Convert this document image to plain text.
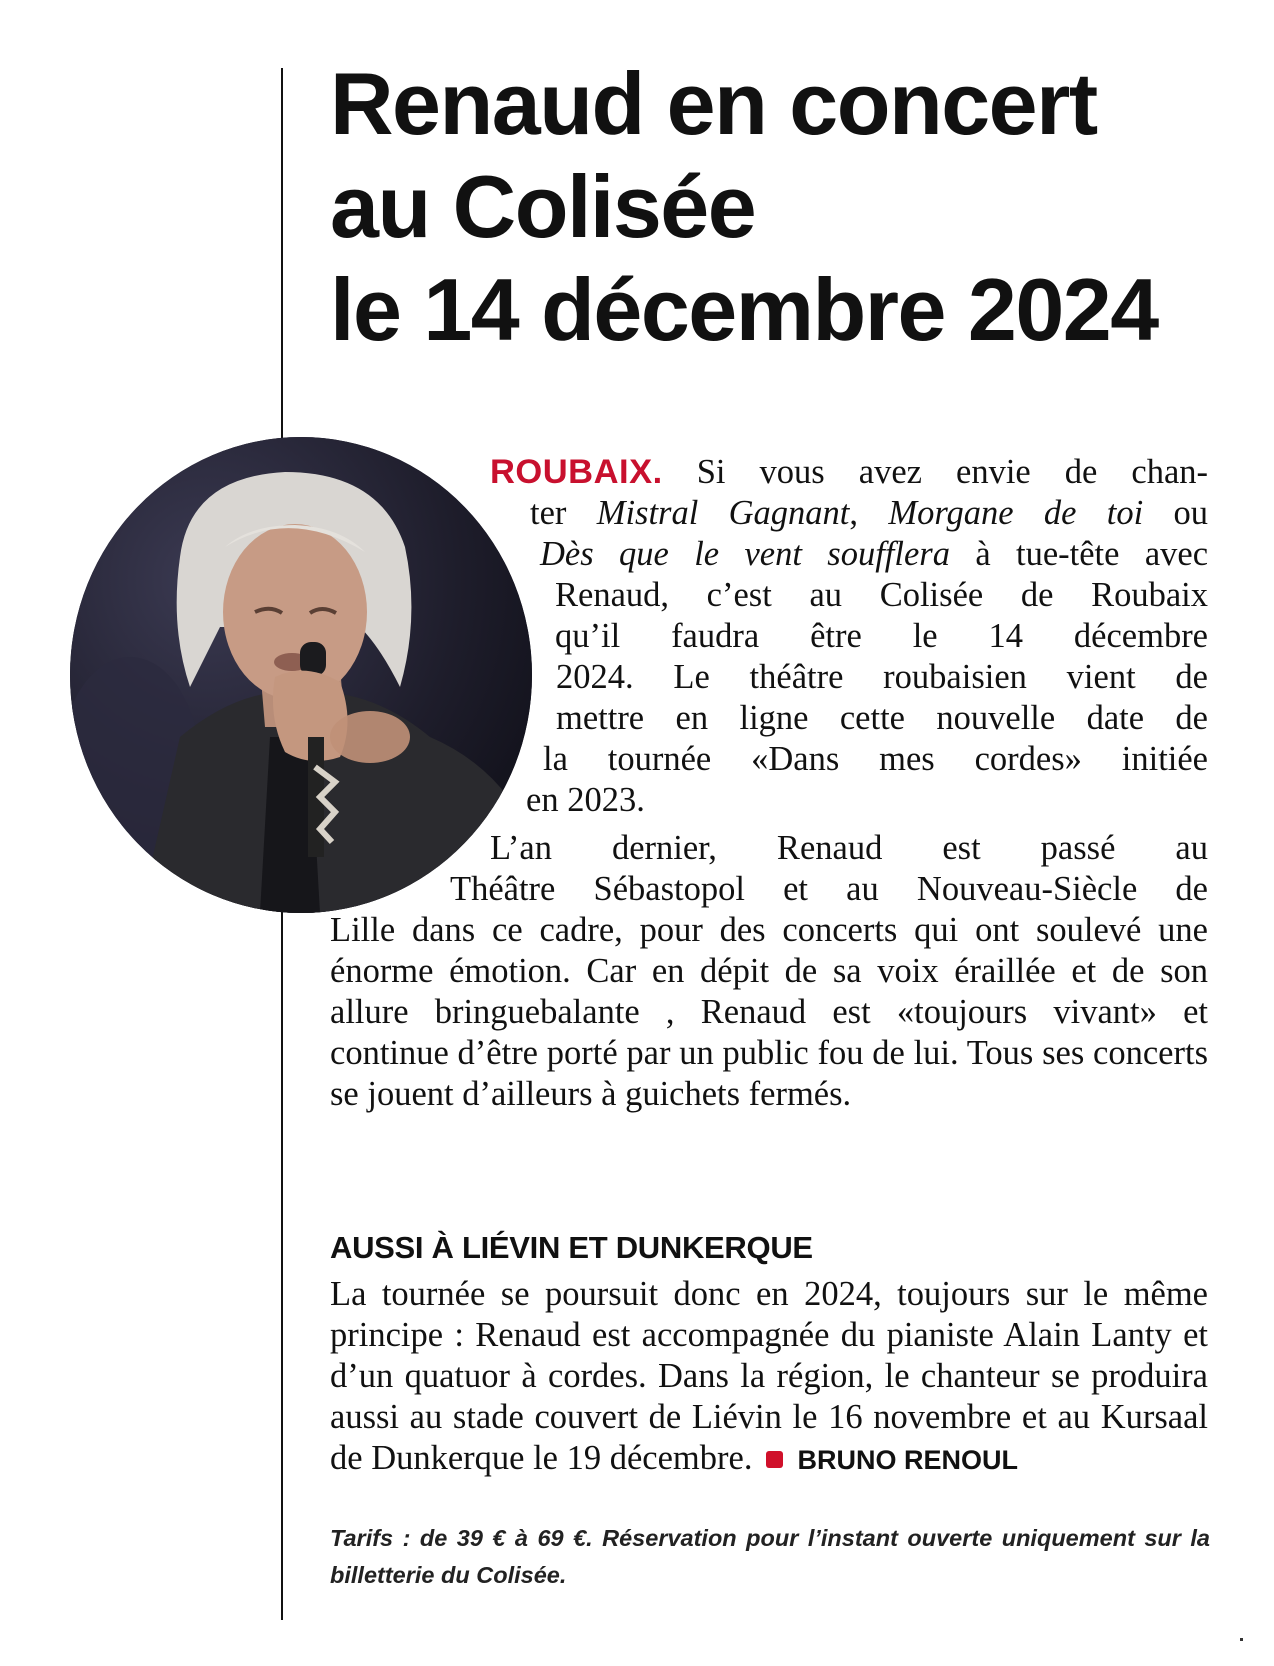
Renaud en concert
au Colisée
le 14 décembre 2024
ROUBAIX. Si vous avez envie de chan-
ter Mistral Gagnant, Morgane de toi ou
Dès que le vent soufflera à tue-tête avec
Renaud, c’est au Colisée de Roubaix
qu’il faudra être le 14 décembre
2024. Le théâtre roubaisien vient de
mettre en ligne cette nouvelle date de
la tournée «Dans mes cordes» initiée
en 2023.
L’an dernier, Renaud est passé au
Théâtre Sébastopol et au Nouveau-Siècle de

Lille dans ce cadre, pour des concerts qui ont soulevé une énorme émotion. Car en dépit de sa voix éraillée et de son allure bringuebalante , Renaud est «toujours vivant» et continue d’être porté par un public fou de lui. Tous ses concerts se jouent d’ailleurs à guichets fermés.

AUSSI À LIÉVIN ET DUNKERQUE

La tournée se poursuit donc en 2024, toujours sur le même principe : Renaud est accompagnée du pianiste Alain Lanty et d’un quatuor à cordes. Dans la région, le chanteur se produira aussi au stade couvert de Liévin le 16 novembre et au Kursaal de Dunkerque le 19 décembre. BRUNO RENOUL

Tarifs : de 39 € à 69 €. Réservation pour l’instant ouverte uniquement sur la billetterie du Colisée.
